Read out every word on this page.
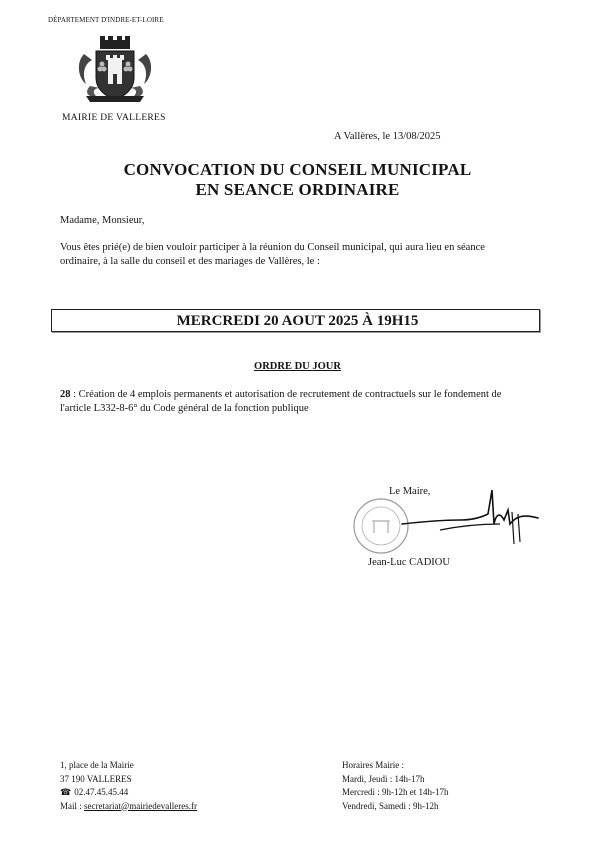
DÉPARTEMENT D'INDRE-ET-LOIRE
MAIRIE DE VALLERES
A Vallères, le 13/08/2025
CONVOCATION DU CONSEIL MUNICIPAL
EN SEANCE ORDINAIRE
Madame, Monsieur,
Vous êtes prié(e) de bien vouloir participer à la réunion du Conseil municipal, qui aura lieu en séance ordinaire, à la salle du conseil et des mariages de Vallères, le :
MERCREDI 20 AOUT 2025 À 19H15
ORDRE DU JOUR
28 : Création de 4 emplois permanents et autorisation de recrutement de contractuels sur le fondement de l'article L332-8-6° du Code général de la fonction publique
Le Maire,
Jean-Luc CADIOU
1, place de la Mairie
37 190 VALLERES
☎ 02.47.45.45.44
Mail : secretariat@mairiedevalleres.fr
Horaires Mairie :
Mardi, Jeudi : 14h-17h
Mercredi : 9h-12h et 14h-17h
Vendredi, Samedi : 9h-12h
